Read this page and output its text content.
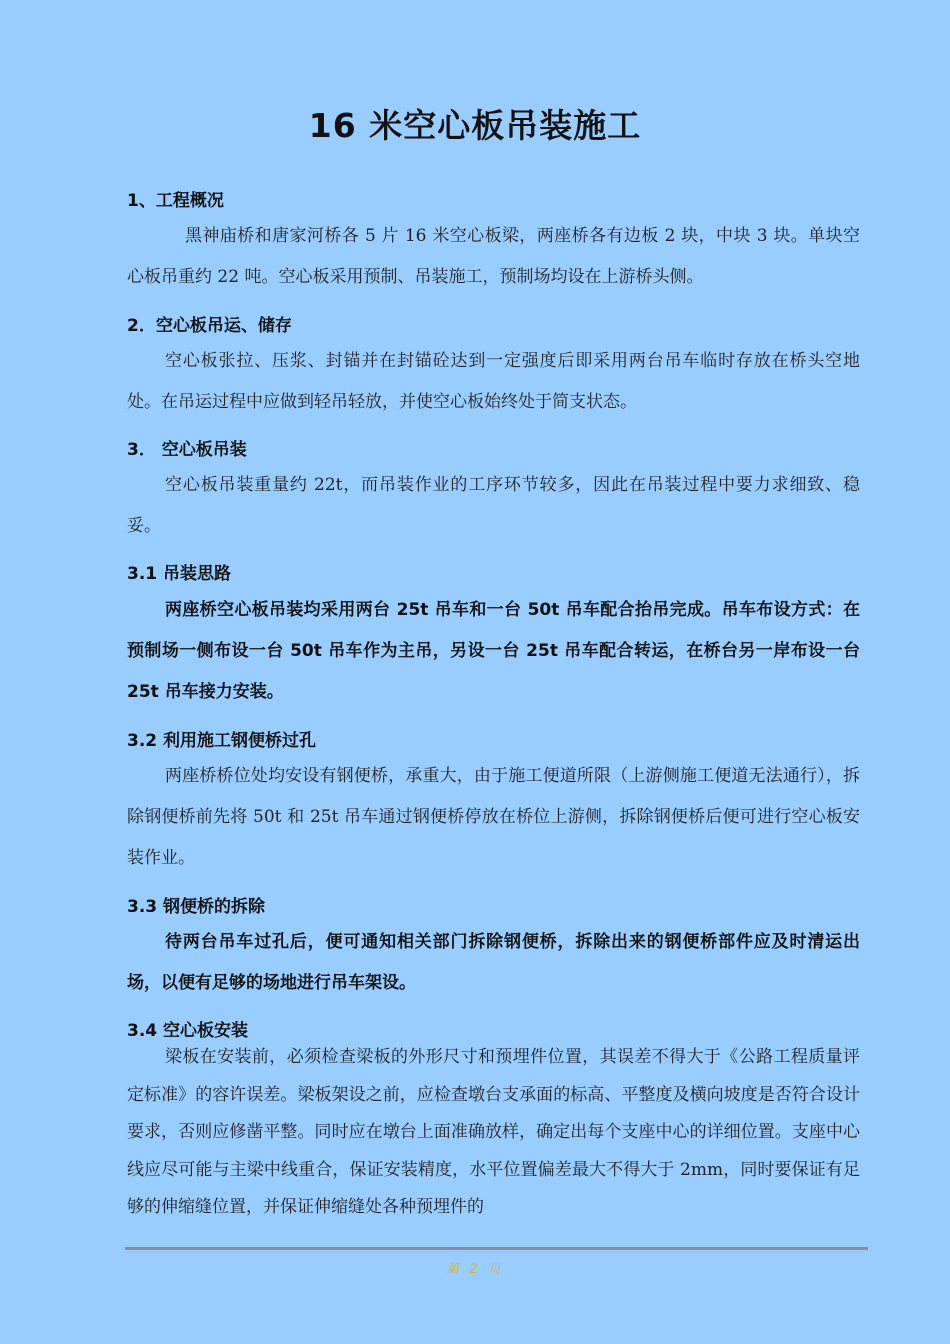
16 米空心板吊装施工
1、工程概况
黑神庙桥和唐家河桥各 5 片 16 米空心板梁，两座桥各有边板 2 块，中块 3 块。单块空心板吊重约 22 吨。空心板采用预制、吊装施工，预制场均设在上游桥头侧。
2．空心板吊运、储存
空心板张拉、压浆、封锚并在封锚砼达到一定强度后即采用两台吊车临时存放在桥头空地处。在吊运过程中应做到轻吊轻放，并使空心板始终处于简支状态。
3． 空心板吊装
空心板吊装重量约 22t，而吊装作业的工序环节较多，因此在吊装过程中要力求细致、稳妥。
3.1 吊装思路
两座桥空心板吊装均采用两台 25t 吊车和一台 50t 吊车配合抬吊完成。吊车布设方式：在预制场一侧布设一台 50t 吊车作为主吊，另设一台 25t 吊车配合转运，在桥台另一岸布设一台 25t 吊车接力安装。
3.2 利用施工钢便桥过孔
两座桥桥位处均安设有钢便桥，承重大，由于施工便道所限（上游侧施工便道无法通行），拆除钢便桥前先将 50t 和 25t 吊车通过钢便桥停放在桥位上游侧，拆除钢便桥后便可进行空心板安装作业。
3.3 钢便桥的拆除
待两台吊车过孔后，便可通知相关部门拆除钢便桥，拆除出来的钢便桥部件应及时清运出场，以便有足够的场地进行吊车架设。
3.4 空心板安装
梁板在安装前，必须检查梁板的外形尺寸和预埋件位置，其误差不得大于《公路工程质量评定标准》的容许误差。梁板架设之前，应检查墩台支承面的标高、平整度及横向坡度是否符合设计要求，否则应修凿平整。同时应在墩台上面准确放样，确定出每个支座中心的详细位置。支座中心线应尽可能与主梁中线重合，保证安装精度，水平位置偏差最大不得大于 2mm，同时要保证有足够的伸缩缝位置，并保证伸缩缝处各种预埋件的
第 2 页
